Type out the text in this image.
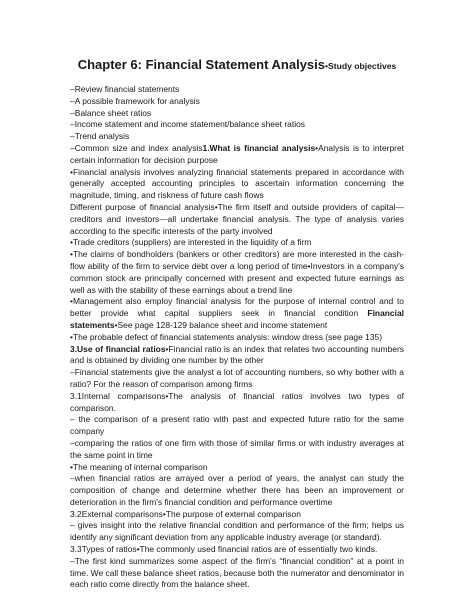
Chapter 6: Financial Statement Analysis•Study objectives

–Review financial statements

–A possible framework for analysis

–Balance sheet ratios

–Income statement and income statement/balance sheet ratios

–Trend analysis

–Common size and index analysis1.What is financial analysis•Analysis is to interpret certain information for decision purpose

•Financial analysis involves analyzing financial statements prepared in accordance with generally accepted accounting principles to ascertain information concerning the magnitude, timing, and riskness of future cash flows

Different purpose of financial analysis•The firm itself and outside providers of capital—creditors and investors—all undertake financial analysis. The type of analysis varies according to the specific interests of the party involved

•Trade creditors (suppliers) are interested in the liquidity of a firm

•The claims of bondholders (bankers or other creditors) are more interested in the cash-flow ability of the firm to service debt over a long period of time•Investors in a company's common stock are principally concerned with present and expected future earnings as well as with the stability of these earnings about a trend line

•Management also employ financial analysis for the purpose of internal control and to better provide what capital suppliers seek in financial condition Financial statements•See page 128-129 balance sheet and income statement

•The probable defect of financial statements analysis: window dress (see page 135)

3.Use of financial ratios•Financial ratio is an index that relates two accounting numbers and is obtained by dividing one number by the other

–Financial statements give the analyst a lot of accounting numbers, so why bother with a ratio? For the reason of comparison among firms

3.1Internal comparisons•The analysis of financial ratios involves two types of comparison.

– the comparison of a present ratio with past and expected future ratio for the same company

–comparing the ratios of one firm with those of similar firms or with industry averages at the same point in time

•The meaning of internal comparison

–when financial ratios are arrayed over a period of years, the analyst can study the composition of change and determine whether there has been an improvement or deterioration in the firm's financial condition and performance overtime

3.2External comparisons•The purpose of external comparison

– gives insight into the relative financial condition and performance of the firm; helps us identify any significant deviation from any applicable industry average (or standard).

3.3Types of ratios•The commonly used financial ratios are of essentially two kinds.

–The first kind summarizes some aspect of the firm's “financial condition” at a point in time. We call these balance sheet ratios, because both the numerator and denominator in each ratio come directly from the balance sheet.
